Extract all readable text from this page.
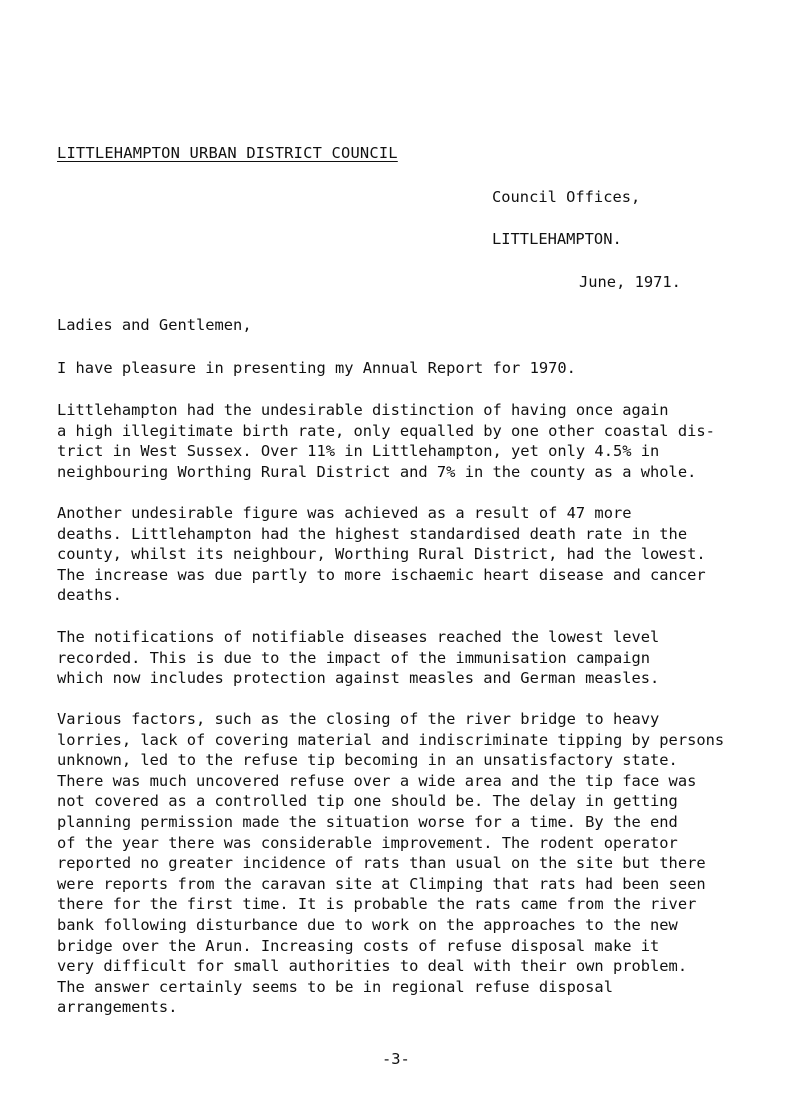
LITTLEHAMPTON URBAN DISTRICT COUNCIL
Council Offices,
LITTLEHAMPTON.
June, 1971.
Ladies and Gentlemen,

I have pleasure in presenting my Annual Report for 1970.

Littlehampton had the undesirable distinction of having once again
a high illegitimate birth rate, only equalled by one other coastal dis-
trict in West Sussex. Over 11% in Littlehampton, yet only 4.5% in
neighbouring Worthing Rural District and 7% in the county as a whole.

Another undesirable figure was achieved as a result of 47 more
deaths. Littlehampton had the highest standardised death rate in the
county, whilst its neighbour, Worthing Rural District, had the lowest.
The increase was due partly to more ischaemic heart disease and cancer
deaths.

The notifications of notifiable diseases reached the lowest level
recorded. This is due to the impact of the immunisation campaign
which now includes protection against measles and German measles.

Various factors, such as the closing of the river bridge to heavy
lorries, lack of covering material and indiscriminate tipping by persons
unknown, led to the refuse tip becoming in an unsatisfactory state.
There was much uncovered refuse over a wide area and the tip face was
not covered as a controlled tip one should be. The delay in getting
planning permission made the situation worse for a time. By the end
of the year there was considerable improvement. The rodent operator
reported no greater incidence of rats than usual on the site but there
were reports from the caravan site at Climping that rats had been seen
there for the first time. It is probable the rats came from the river
bank following disturbance due to work on the approaches to the new
bridge over the Arun. Increasing costs of refuse disposal make it
very difficult for small authorities to deal with their own problem.
The answer certainly seems to be in regional refuse disposal
arrangements.

-3-
